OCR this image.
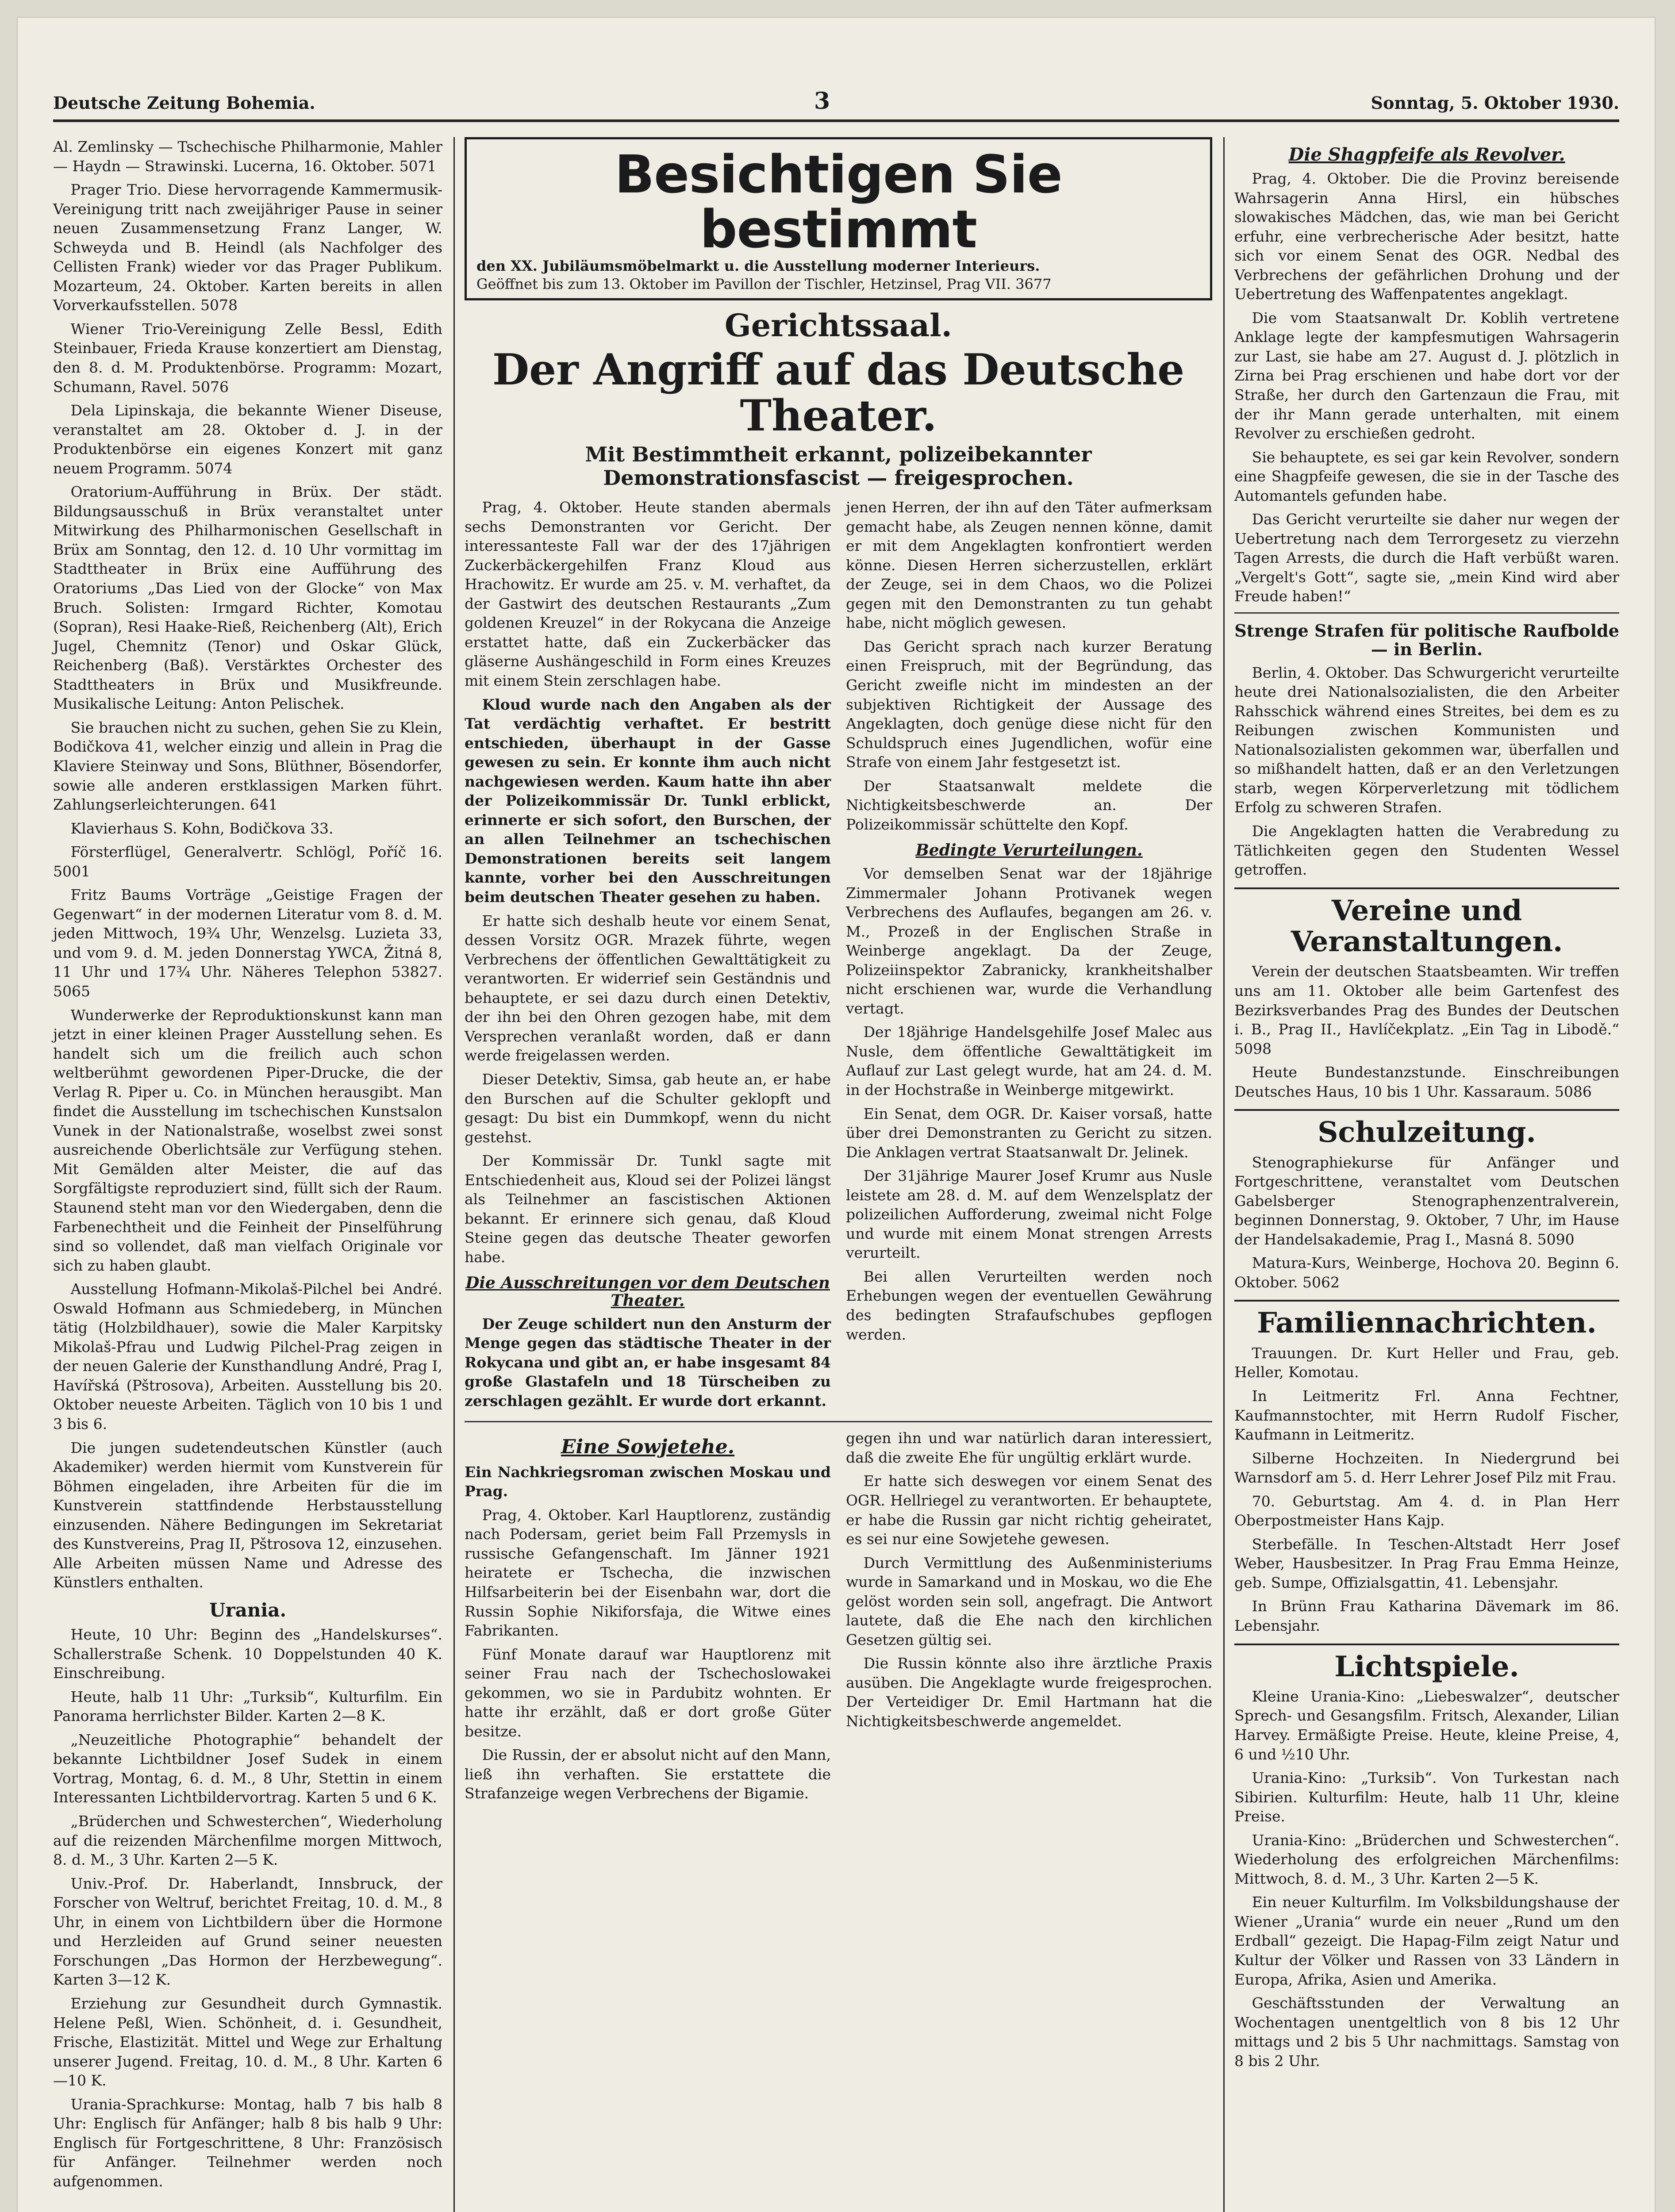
Deutsche Zeitung Bohemia.	3	Sonntag, 5. Oktober 1930.

Al. Zemlinsky — Tschechische Philharmonie, Mahler — Haydn — Strawinski. Lucerna, 16. Oktober. 5071

Prager Trio. Diese hervorragende Kammermusik-Vereinigung tritt nach zweijähriger Pause in seiner neuen Zusammensetzung Franz Langer, W. Schweyda und B. Heindl (als Nachfolger des Cellisten Frank) wieder vor das Prager Publikum. Mozarteum, 24. Oktober. Karten bereits in allen Vorverkaufsstellen. 5078

Wiener Trio-Vereinigung Zelle Bessl, Edith Steinbauer, Frieda Krause konzertiert am Dienstag, den 8. d. M. Produktenbörse. Programm: Mozart, Schumann, Ravel. 5076

Dela Lipinskaja, die bekannte Wiener Diseuse, veranstaltet am 28. Oktober d. J. in der Produktenbörse ein eigenes Konzert mit ganz neuem Programm. 5074

Oratorium-Aufführung in Brüx. Der städt. Bildungsausschuß in Brüx veranstaltet unter Mitwirkung des Philharmonischen Gesellschaft in Brüx am Sonntag, den 12. d. 10 Uhr vormittag im Stadttheater in Brüx eine Aufführung des Oratoriums „Das Lied von der Glocke“ von Max Bruch. Solisten: Irmgard Richter, Komotau (Sopran), Resi Haake-Rieß, Reichenberg (Alt), Erich Jugel, Chemnitz (Tenor) und Oskar Glück, Reichenberg (Baß). Verstärktes Orchester des Stadttheaters in Brüx und Musikfreunde. Musikalische Leitung: Anton Pelischek.

Sie brauchen nicht zu suchen, gehen Sie zu Klein, Bodičkova 41, welcher einzig und allein in Prag die Klaviere Steinway und Sons, Blüthner, Bösendorfer, sowie alle anderen erstklassigen Marken führt. Zahlungserleichterungen. 641

Klavierhaus S. Kohn, Bodičkova 33.

Försterflügel, Generalvertr. Schlögl, Poříč 16. 5001

Fritz Baums Vorträge „Geistige Fragen der Gegenwart“ in der modernen Literatur vom 8. d. M. jeden Mittwoch, 19¾ Uhr, Wenzelsg. Luzieta 33, und vom 9. d. M. jeden Donnerstag YWCA, Žitná 8, 11 Uhr und 17¾ Uhr. Näheres Telephon 53827. 5065

Wunderwerke der Reproduktionskunst kann man jetzt in einer kleinen Prager Ausstellung sehen. Es handelt sich um die freilich auch schon weltberühmt gewordenen Piper-Drucke, die der Verlag R. Piper u. Co. in München herausgibt. Man findet die Ausstellung im tschechischen Kunstsalon Vunek in der Nationalstraße, woselbst zwei sonst ausreichende Oberlichtsäle zur Verfügung stehen. Mit Gemälden alter Meister, die auf das Sorgfältigste reproduziert sind, füllt sich der Raum. Staunend steht man vor den Wiedergaben, denn die Farbenechtheit und die Feinheit der Pinselführung sind so vollendet, daß man vielfach Originale vor sich zu haben glaubt.

Ausstellung Hofmann-Mikolaš-Pilchel bei André. Oswald Hofmann aus Schmiedeberg, in München tätig (Holzbildhauer), sowie die Maler Karpitsky Mikolaš-Pfrau und Ludwig Pilchel-Prag zeigen in der neuen Galerie der Kunsthandlung André, Prag I, Havířská (Pštrosova), Arbeiten. Ausstellung bis 20. Oktober neueste Arbeiten. Täglich von 10 bis 1 und 3 bis 6.

Die jungen sudetendeutschen Künstler (auch Akademiker) werden hiermit vom Kunstverein für Böhmen eingeladen, ihre Arbeiten für die im Kunstverein stattfindende Herbstausstellung einzusenden. Nähere Bedingungen im Sekretariat des Kunstvereins, Prag II, Pštrosova 12, einzusehen. Alle Arbeiten müssen Name und Adresse des Künstlers enthalten.

Urania.

Heute, 10 Uhr: Beginn des „Handelskurses“. Schallerstraße Schenk. 10 Doppelstunden 40 K. Einschreibung.

Heute, halb 11 Uhr: „Turksib“, Kulturfilm. Ein Panorama herrlichster Bilder. Karten 2—8 K.

„Neuzeitliche Photographie“ behandelt der bekannte Lichtbildner Josef Sudek in einem Vortrag, Montag, 6. d. M., 8 Uhr, Stettin in einem Interessanten Lichtbildervortrag. Karten 5 und 6 K.

„Brüderchen und Schwesterchen“, Wiederholung auf die reizenden Märchenfilme morgen Mittwoch, 8. d. M., 3 Uhr. Karten 2—5 K.

Univ.-Prof. Dr. Haberlandt, Innsbruck, der Forscher von Weltruf, berichtet Freitag, 10. d. M., 8 Uhr, in einem von Lichtbildern über die Hormone und Herzleiden auf Grund seiner neuesten Forschungen „Das Hormon der Herzbewegung“. Karten 3—12 K.

Erziehung zur Gesundheit durch Gymnastik. Helene Peßl, Wien. Schönheit, d. i. Gesundheit, Frische, Elastizität. Mittel und Wege zur Erhaltung unserer Jugend. Freitag, 10. d. M., 8 Uhr. Karten 6—10 K.

Urania-Sprachkurse: Montag, halb 7 bis halb 8 Uhr: Englisch für Anfänger; halb 8 bis halb 9 Uhr: Englisch für Fortgeschrittene, 8 Uhr: Französisch für Anfänger. Teilnehmer werden noch aufgenommen.

Besichtigen Sie bestimmt
den XX. Jubiläumsmöbelmarkt u. die Ausstellung moderner Interieurs.
Geöffnet bis zum 13. Oktober im Pavillon der Tischler, Hetzinsel, Prag VII. 3677
Gerichtssaal.
Der Angriff auf das Deutsche Theater.
Mit Bestimmtheit erkannt, polizeibekannter Demonstrationsfascist — freigesprochen.

Prag, 4. Oktober. Heute standen abermals sechs Demonstranten vor Gericht. Der interessanteste Fall war der des 17jährigen Zuckerbäckergehilfen Franz Kloud aus Hrachowitz. Er wurde am 25. v. M. verhaftet, da der Gastwirt des deutschen Restaurants „Zum goldenen Kreuzel“ in der Rokycana die Anzeige erstattet hatte, daß ein Zuckerbäcker das gläserne Aushängeschild in Form eines Kreuzes mit einem Stein zerschlagen habe.

Kloud wurde nach den Angaben als der Tat verdächtig verhaftet. Er bestritt entschieden, überhaupt in der Gasse gewesen zu sein. Er konnte ihm auch nicht nachgewiesen werden. Kaum hatte ihn aber der Polizeikommissär Dr. Tunkl erblickt, erinnerte er sich sofort, den Burschen, der an allen Teilnehmer an tschechischen Demonstrationen bereits seit langem kannte, vorher bei den Ausschreitungen beim deutschen Theater gesehen zu haben.

Er hatte sich deshalb heute vor einem Senat, dessen Vorsitz OGR. Mrazek führte, wegen Verbrechens der öffentlichen Gewalttätigkeit zu verantworten. Er widerrief sein Geständnis und behauptete, er sei dazu durch einen Detektiv, der ihn bei den Ohren gezogen habe, mit dem Versprechen veranlaßt worden, daß er dann werde freigelassen werden.

Dieser Detektiv, Simsa, gab heute an, er habe den Burschen auf die Schulter geklopft und gesagt: Du bist ein Dummkopf, wenn du nicht gestehst.

Der Kommissär Dr. Tunkl sagte mit Entschiedenheit aus, Kloud sei der Polizei längst als Teilnehmer an fascistischen Aktionen bekannt. Er erinnere sich genau, daß Kloud Steine gegen das deutsche Theater geworfen habe.

Die Ausschreitungen vor dem Deutschen Theater.

Der Zeuge schildert nun den Ansturm der Menge gegen das städtische Theater in der Rokycana und gibt an, er habe insgesamt 84 große Glastafeln und 18 Türscheiben zu zerschlagen gezählt. Er wurde dort erkannt.

jenen Herren, der ihn auf den Täter aufmerksam gemacht habe, als Zeugen nennen könne, damit er mit dem Angeklagten konfrontiert werden könne. Diesen Herren sicherzustellen, erklärt der Zeuge, sei in dem Chaos, wo die Polizei gegen mit den Demonstranten zu tun gehabt habe, nicht möglich gewesen.

Das Gericht sprach nach kurzer Beratung einen Freispruch, mit der Begründung, das Gericht zweifle nicht im mindesten an der subjektiven Richtigkeit der Aussage des Angeklagten, doch genüge diese nicht für den Schuldspruch eines Jugendlichen, wofür eine Strafe von einem Jahr festgesetzt ist.

Der Staatsanwalt meldete die Nichtigkeitsbeschwerde an. Der Polizeikommissär schüttelte den Kopf.

Bedingte Verurteilungen.

Vor demselben Senat war der 18jährige Zimmermaler Johann Protivanek wegen Verbrechens des Auflaufes, begangen am 26. v. M., Prozeß in der Englischen Straße in Weinberge angeklagt. Da der Zeuge, Polizeiinspektor Zabranicky, krankheitshalber nicht erschienen war, wurde die Verhandlung vertagt.

Der 18jährige Handelsgehilfe Josef Malec aus Nusle, dem öffentliche Gewalttätigkeit im Auflauf zur Last gelegt wurde, hat am 24. d. M. in der Hochstraße in Weinberge mitgewirkt.

Ein Senat, dem OGR. Dr. Kaiser vorsaß, hatte über drei Demonstranten zu Gericht zu sitzen. Die Anklagen vertrat Staatsanwalt Dr. Jelinek.

Der 31jährige Maurer Josef Krumr aus Nusle leistete am 28. d. M. auf dem Wenzelsplatz der polizeilichen Aufforderung, zweimal nicht Folge und wurde mit einem Monat strengen Arrests verurteilt.

Bei allen Verurteilten werden noch Erhebungen wegen der eventuellen Gewährung des bedingten Strafaufschubes gepflogen werden.

Eine Sowjetehe.

Ein Nachkriegsroman zwischen Moskau und Prag.

Prag, 4. Oktober. Karl Hauptlorenz, zuständig nach Podersam, geriet beim Fall Przemysls in russische Gefangenschaft. Im Jänner 1921 heiratete er Tschecha, die inzwischen Hilfsarbeiterin bei der Eisenbahn war, dort die Russin Sophie Nikiforsfaja, die Witwe eines Fabrikanten.

Fünf Monate darauf war Hauptlorenz mit seiner Frau nach der Tschechoslowakei gekommen, wo sie in Pardubitz wohnten. Er hatte ihr erzählt, daß er dort große Güter besitze.

Die Russin, der er absolut nicht auf den Mann, ließ ihn verhaften. Sie erstattete die Strafanzeige wegen Verbrechens der Bigamie.

gegen ihn und war natürlich daran interessiert, daß die zweite Ehe für ungültig erklärt wurde.

Er hatte sich deswegen vor einem Senat des OGR. Hellriegel zu verantworten. Er behauptete, er habe die Russin gar nicht richtig geheiratet, es sei nur eine Sowjetehe gewesen.

Durch Vermittlung des Außenministeriums wurde in Samarkand und in Moskau, wo die Ehe gelöst worden sein soll, angefragt. Die Antwort lautete, daß die Ehe nach den kirchlichen Gesetzen gültig sei.

Die Russin könnte also ihre ärztliche Praxis ausüben. Die Angeklagte wurde freigesprochen. Der Verteidiger Dr. Emil Hartmann hat die Nichtigkeitsbeschwerde angemeldet.

Die Shagpfeife als Revolver.

Prag, 4. Oktober. Die die Provinz bereisende Wahrsagerin Anna Hirsl, ein hübsches slowakisches Mädchen, das, wie man bei Gericht erfuhr, eine verbrecherische Ader besitzt, hatte sich vor einem Senat des OGR. Nedbal des Verbrechens der gefährlichen Drohung und der Uebertretung des Waffenpatentes angeklagt.

Die vom Staatsanwalt Dr. Koblih vertretene Anklage legte der kampfesmutigen Wahrsagerin zur Last, sie habe am 27. August d. J. plötzlich in Zirna bei Prag erschienen und habe dort vor der Straße, her durch den Gartenzaun die Frau, mit der ihr Mann gerade unterhalten, mit einem Revolver zu erschießen gedroht.

Sie behauptete, es sei gar kein Revolver, sondern eine Shagpfeife gewesen, die sie in der Tasche des Automantels gefunden habe.

Das Gericht verurteilte sie daher nur wegen der Uebertretung nach dem Terrorgesetz zu vierzehn Tagen Arrests, die durch die Haft verbüßt waren. „Vergelt's Gott“, sagte sie, „mein Kind wird aber Freude haben!“

Strenge Strafen für politische Raufbolde — in Berlin.

Berlin, 4. Oktober. Das Schwurgericht verurteilte heute drei Nationalsozialisten, die den Arbeiter Rahsschick während eines Streites, bei dem es zu Reibungen zwischen Kommunisten und Nationalsozialisten gekommen war, überfallen und so mißhandelt hatten, daß er an den Verletzungen starb, wegen Körperverletzung mit tödlichem Erfolg zu schweren Strafen.

Die Angeklagten hatten die Verabredung zu Tätlichkeiten gegen den Studenten Wessel getroffen.

Vereine und Veranstaltungen.

Verein der deutschen Staatsbeamten. Wir treffen uns am 11. Oktober alle beim Gartenfest des Bezirksverbandes Prag des Bundes der Deutschen i. B., Prag II., Havlíčekplatz. „Ein Tag in Libodě.“ 5098

Heute Bundestanzstunde. Einschreibungen Deutsches Haus, 10 bis 1 Uhr. Kassaraum. 5086

Schulzeitung.

Stenographiekurse für Anfänger und Fortgeschrittene, veranstaltet vom Deutschen Gabelsberger Stenographenzentralverein, beginnen Donnerstag, 9. Oktober, 7 Uhr, im Hause der Handelsakademie, Prag I., Masná 8. 5090

Matura-Kurs, Weinberge, Hochova 20. Beginn 6. Oktober. 5062

Familiennachrichten.

Trauungen. Dr. Kurt Heller und Frau, geb. Heller, Komotau.

In Leitmeritz Frl. Anna Fechtner, Kaufmannstochter, mit Herrn Rudolf Fischer, Kaufmann in Leitmeritz.

Silberne Hochzeiten. In Niedergrund bei Warnsdorf am 5. d. Herr Lehrer Josef Pilz mit Frau.

70. Geburtstag. Am 4. d. in Plan Herr Oberpostmeister Hans Kajp.

Sterbefälle. In Teschen-Altstadt Herr Josef Weber, Hausbesitzer. In Prag Frau Emma Heinze, geb. Sumpe, Offizialsgattin, 41. Lebensjahr.

In Brünn Frau Katharina Dävemark im 86. Lebensjahr.

Lichtspiele.

Kleine Urania-Kino: „Liebeswalzer“, deutscher Sprech- und Gesangsfilm. Fritsch, Alexander, Lilian Harvey. Ermäßigte Preise. Heute, kleine Preise, 4, 6 und ½10 Uhr.

Urania-Kino: „Turksib“. Von Turkestan nach Sibirien. Kulturfilm: Heute, halb 11 Uhr, kleine Preise.

Urania-Kino: „Brüderchen und Schwesterchen“. Wiederholung des erfolgreichen Märchenfilms: Mittwoch, 8. d. M., 3 Uhr. Karten 2—5 K.

Ein neuer Kulturfilm. Im Volksbildungshause der Wiener „Urania“ wurde ein neuer „Rund um den Erdball“ gezeigt. Die Hapag-Film zeigt Natur und Kultur der Völker und Rassen von 33 Ländern in Europa, Afrika, Asien und Amerika.

Geschäftsstunden der Verwaltung an Wochentagen unentgeltlich von 8 bis 12 Uhr mittags und 2 bis 5 Uhr nachmittags. Samstag von 8 bis 2 Uhr.
